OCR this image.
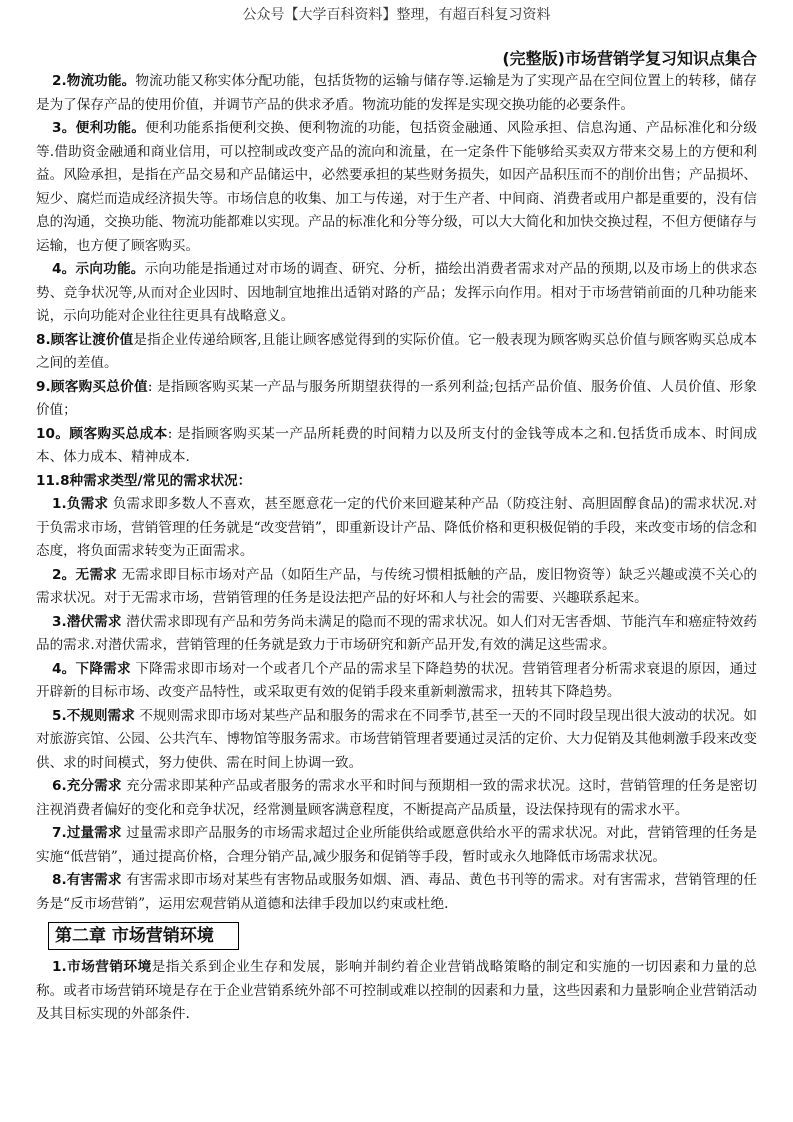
公众号【大学百科资料】整理，有超百科复习资料
(完整版)市场营销学复习知识点集合

2.物流功能。物流功能又称实体分配功能，包括货物的运输与储存等.运输是为了实现产品在空间位置上的转移，储存是为了保存产品的使用价值，并调节产品的供求矛盾。物流功能的发挥是实现交换功能的必要条件。

3。便利功能。便利功能系指便利交换、便利物流的功能，包括资金融通、风险承担、信息沟通、产品标准化和分级等.借助资金融通和商业信用，可以控制或改变产品的流向和流量，在一定条件下能够给买卖双方带来交易上的方便和利益。风险承担，是指在产品交易和产品储运中，必然要承担的某些财务损失，如因产品积压而不的削价出售；产品损坏、短少、腐烂而造成经济损失等。市场信息的收集、加工与传递，对于生产者、中间商、消费者或用户都是重要的，没有信息的沟通，交换功能、物流功能都难以实现。产品的标准化和分等分级，可以大大简化和加快交换过程，不但方便储存与运输，也方便了顾客购买。

4。示向功能。示向功能是指通过对市场的调查、研究、分析，描绘出消费者需求对产品的预期,以及市场上的供求态势、竞争状况等,从而对企业因时、因地制宜地推出适销对路的产品；发挥示向作用。相对于市场营销前面的几种功能来说，示向功能对企业往往更具有战略意义。

8.顾客让渡价值是指企业传递给顾客,且能让顾客感觉得到的实际价值。它一般表现为顾客购买总价值与顾客购买总成本之间的差值。

9.顾客购买总价值: 是指顾客购买某一产品与服务所期望获得的一系列利益;包括产品价值、服务价值、人员价值、形象价值；

10。顾客购买总成本: 是指顾客购买某一产品所耗费的时间精力以及所支付的金钱等成本之和.包括货币成本、时间成本、体力成本、精神成本.

11.8种需求类型/常见的需求状况：

1.负需求 负需求即多数人不喜欢，甚至愿意花一定的代价来回避某种产品（防疫注射、高胆固醇食品)的需求状况.对于负需求市场，营销管理的任务就是“改变营销”，即重新设计产品、降低价格和更积极促销的手段，来改变市场的信念和态度，将负面需求转变为正面需求。

2。无需求 无需求即目标市场对产品（如陌生产品，与传统习惯相抵触的产品，废旧物资等）缺乏兴趣或漠不关心的需求状况。对于无需求市场，营销管理的任务是设法把产品的好坏和人与社会的需要、兴趣联系起来。

3.潜伏需求 潜伏需求即现有产品和劳务尚未满足的隐而不现的需求状况。如人们对无害香烟、节能汽车和癌症特效药品的需求.对潜伏需求，营销管理的任务就是致力于市场研究和新产品开发,有效的满足这些需求。

4。下降需求 下降需求即市场对一个或者几个产品的需求呈下降趋势的状况。营销管理者分析需求衰退的原因，通过开辟新的目标市场、改变产品特性，或采取更有效的促销手段来重新刺激需求，扭转其下降趋势。

5.不规则需求 不规则需求即市场对某些产品和服务的需求在不同季节,甚至一天的不同时段呈现出很大波动的状况。如对旅游宾馆、公园、公共汽车、博物馆等服务需求。市场营销管理者要通过灵活的定价、大力促销及其他刺激手段来改变供、求的时间模式，努力使供、需在时间上协调一致。

6.充分需求 充分需求即某种产品或者服务的需求水平和时间与预期相一致的需求状况。这时，营销管理的任务是密切注视消费者偏好的变化和竞争状况，经常测量顾客满意程度，不断提高产品质量，设法保持现有的需求水平。

7.过量需求 过量需求即产品服务的市场需求超过企业所能供给或愿意供给水平的需求状况。对此，营销管理的任务是实施“低营销”，通过提高价格，合理分销产品,减少服务和促销等手段，暂时或永久地降低市场需求状况。

8.有害需求 有害需求即市场对某些有害物品或服务如烟、酒、毒品、黄色书刊等的需求。对有害需求，营销管理的任务是“反市场营销”，运用宏观营销从道德和法律手段加以约束或杜绝.

第二章 市场营销环境

1.市场营销环境是指关系到企业生存和发展，影响并制约着企业营销战略策略的制定和实施的一切因素和力量的总称。或者市场营销环境是存在于企业营销系统外部不可控制或难以控制的因素和力量，这些因素和力量影响企业营销活动及其目标实现的外部条件.
